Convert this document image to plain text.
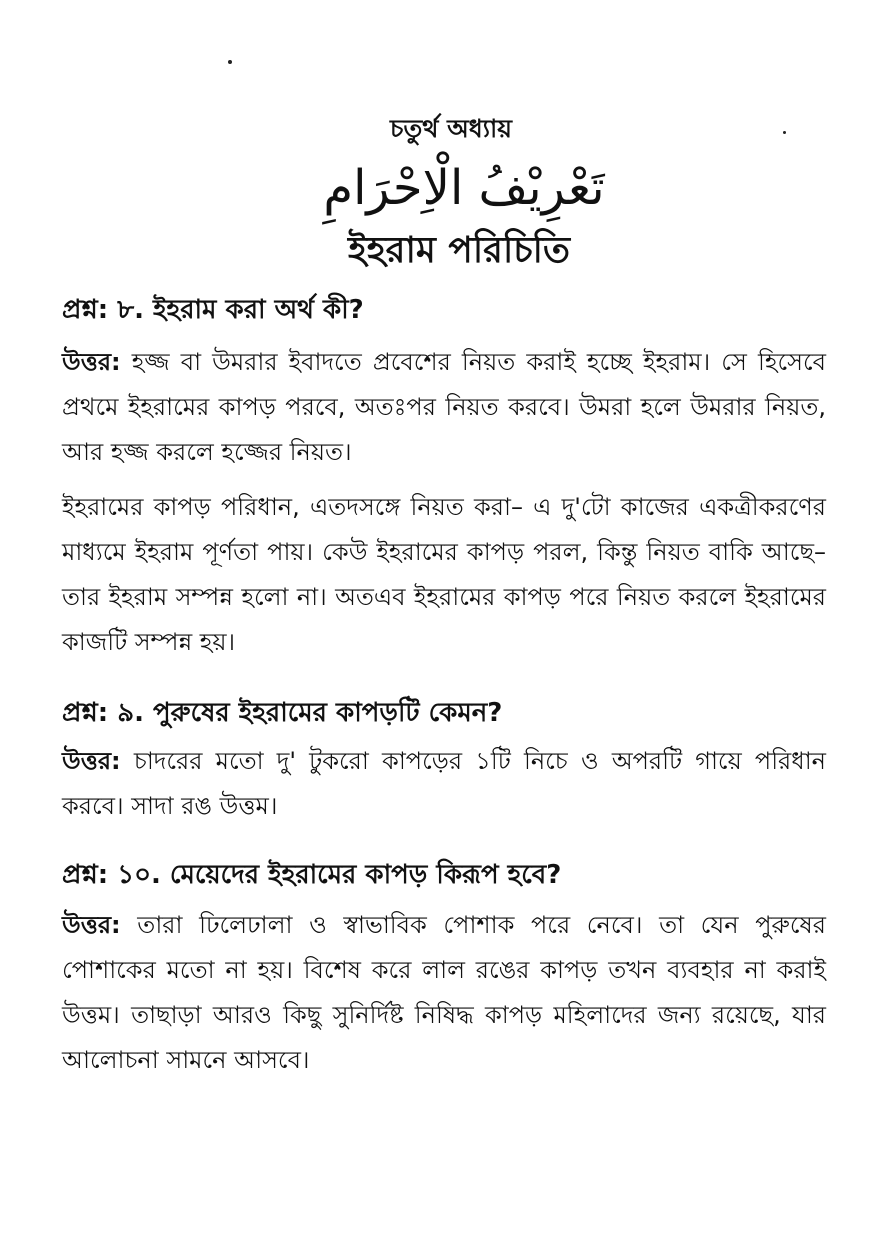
চতুর্থ অধ্যায়
تَعْرِيْفُ الْاِحْرَامِ
ইহরাম পরিচিতি

প্রশ্ন: ৮. ইহরাম করা অর্থ কী?

উত্তর: হজ্জ বা উমরার ইবাদতে প্রবেশের নিয়ত করাই হচ্ছে ইহরাম। সে হিসেবে প্রথমে ইহরামের কাপড় পরবে, অতঃপর নিয়ত করবে। উমরা হলে উমরার নিয়ত, আর হজ্জ করলে হজ্জের নিয়ত।

ইহরামের কাপড় পরিধান, এতদসঙ্গে নিয়ত করা– এ দু'টো কাজের একত্রীকরণের মাধ্যমে ইহরাম পূর্ণতা পায়। কেউ ইহরামের কাপড় পরল, কিন্তু নিয়ত বাকি আছে– তার ইহরাম সম্পন্ন হলো না। অতএব ইহরামের কাপড় পরে নিয়ত করলে ইহরামের কাজটি সম্পন্ন হয়।

প্রশ্ন: ৯. পুরুষের ইহরামের কাপড়টি কেমন?

উত্তর: চাদরের মতো দু' টুকরো কাপড়ের ১টি নিচে ও অপরটি গায়ে পরিধান করবে। সাদা রঙ উত্তম।

প্রশ্ন: ১০. মেয়েদের ইহরামের কাপড় কিরূপ হবে?

উত্তর: তারা ঢিলেঢালা ও স্বাভাবিক পোশাক পরে নেবে। তা যেন পুরুষের পোশাকের মতো না হয়। বিশেষ করে লাল রঙের কাপড় তখন ব্যবহার না করাই উত্তম। তাছাড়া আরও কিছু সুনির্দিষ্ট নিষিদ্ধ কাপড় মহিলাদের জন্য রয়েছে, যার আলোচনা সামনে আসবে।
